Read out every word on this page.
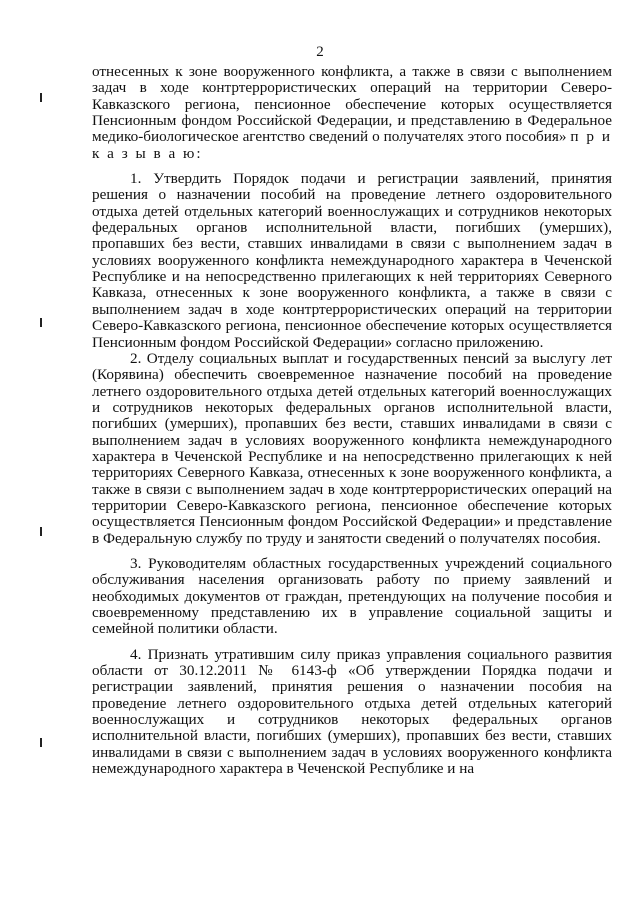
2

отнесенных к зоне вооруженного конфликта, а также в связи с выполнением задач в ходе контртеррористических операций на территории Северо-Кавказского региона, пенсионное обеспечение которых осуществляется Пенсионным фондом Российской Федерации, и представлению в Федеральное медико-биологическое агентство сведений о получателях этого пособия» п р и к а з ы в а ю:

1. Утвердить Порядок подачи и регистрации заявлений, принятия решения о назначении пособий на проведение летнего оздоровительного отдыха детей отдельных категорий военнослужащих и сотрудников некоторых федеральных органов исполнительной власти, погибших (умерших), пропавших без вести, ставших инвалидами в связи с выполнением задач в условиях вооруженного конфликта немеждународного характера в Чеченской Республике и на непосредственно прилегающих к ней территориях Северного Кавказа, отнесенных к зоне вооруженного конфликта, а также в связи с выполнением задач в ходе контртеррористических операций на территории Северо-Кавказского региона, пенсионное обеспечение которых осуществляется Пенсионным фондом Российской Федерации» согласно приложению.

2. Отделу социальных выплат и государственных пенсий за выслугу лет (Корявина) обеспечить своевременное назначение пособий на проведение летнего оздоровительного отдыха детей отдельных категорий военнослужащих и сотрудников некоторых федеральных органов исполнительной власти, погибших (умерших), пропавших без вести, ставших инвалидами в связи с выполнением задач в условиях вооруженного конфликта немеждународного характера в Чеченской Республике и на непосредственно прилегающих к ней территориях Северного Кавказа, отнесенных к зоне вооруженного конфликта, а также в связи с выполнением задач в ходе контртеррористических операций на территории Северо-Кавказского региона, пенсионное обеспечение которых осуществляется Пенсионным фондом Российской Федерации» и представление в Федеральную службу по труду и занятости сведений о получателях пособия.

3. Руководителям областных государственных учреждений социального обслуживания населения организовать работу по приему заявлений и необходимых документов от граждан, претендующих на получение пособия и своевременному представлению их в управление социальной защиты и семейной политики области.

4. Признать утратившим силу приказ управления социального развития области от 30.12.2011 № 6143-ф «Об утверждении Порядка подачи и регистрации заявлений, принятия решения о назначении пособия на проведение летнего оздоровительного отдыха детей отдельных категорий военнослужащих и сотрудников некоторых федеральных органов исполнительной власти, погибших (умерших), пропавших без вести, ставших инвалидами в связи с выполнением задач в условиях вооруженного конфликта немеждународного характера в Чеченской Республике и на
